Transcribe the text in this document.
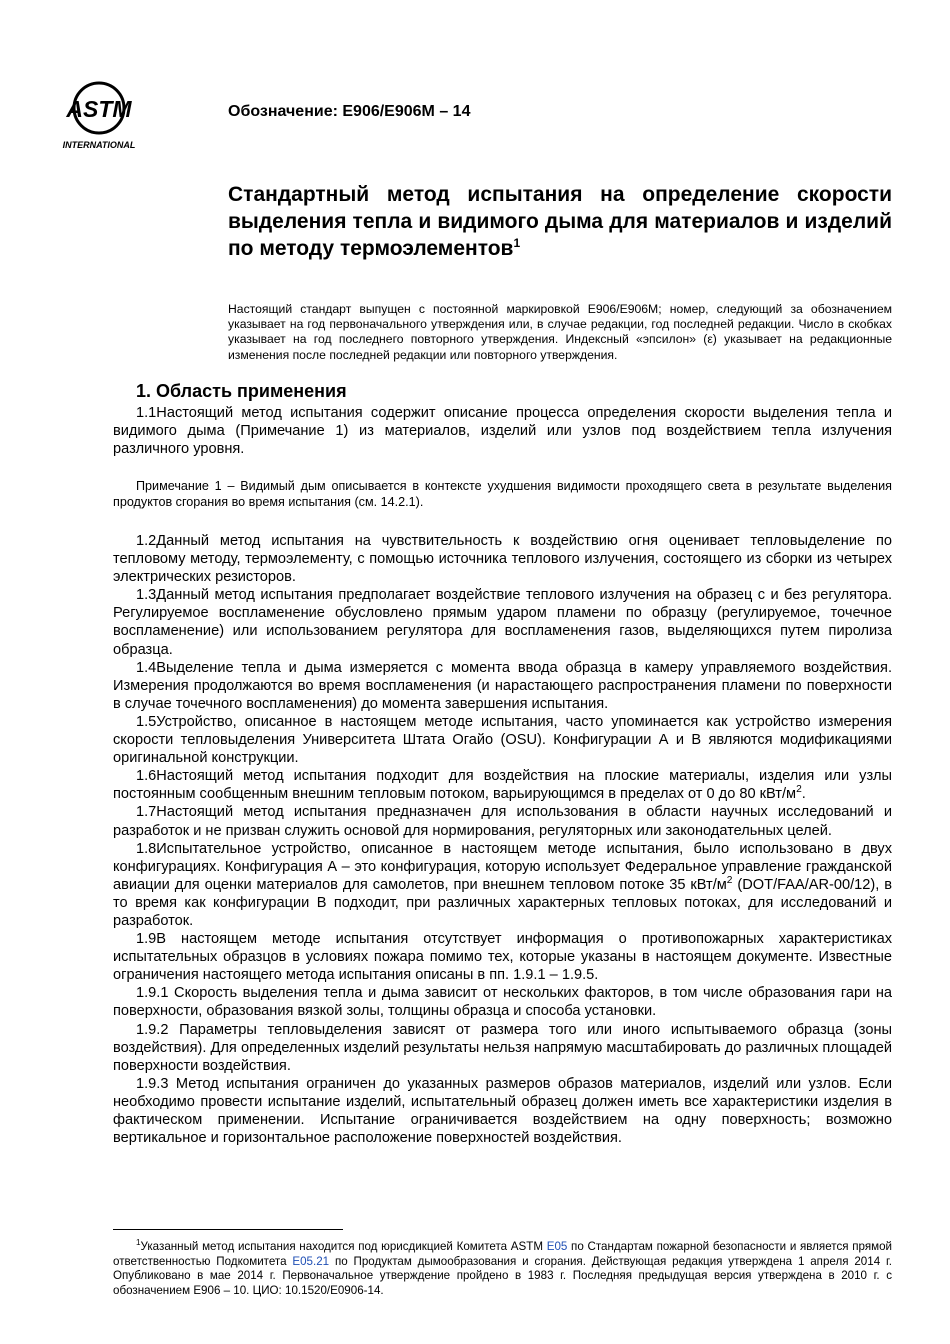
ASTM
INTERNATIONAL
Обозначение: E906/E906M – 14
Стандартный метод испытания на определение скорости выделения тепла и видимого дыма для материалов и изделий по методу термоэлементов$^1$
Настоящий стандарт выпущен с постоянной маркировкой E906/E906M; номер, следующий за обозначением указывает на год первоначального утверждения или, в случае редакции, год последней редакции. Число в скобках указывает на год последнего повторного утверждения. Индексный «эпсилон» (ε) указывает на редакционные изменения после последней редакции или повторного утверждения.
1. Область применения

1.1Настоящий метод испытания содержит описание процесса определения скорости выделения тепла и видимого дыма (Примечание 1) из материалов, изделий или узлов под воздействием тепла излучения различного уровня.

Примечание 1 – Видимый дым описывается в контексте ухудшения видимости проходящего света в результате выделения продуктов сгорания во время испытания (см. 14.2.1).

1.2Данный метод испытания на чувствительность к воздействию огня оценивает тепловыделение по тепловому методу, термоэлементу, с помощью источника теплового излучения, состоящего из сборки из четырех электрических резисторов.

1.3Данный метод испытания предполагает воздействие теплового излучения на образец с и без регулятора. Регулируемое воспламенение обусловлено прямым ударом пламени по образцу (регулируемое, точечное воспламенение) или использованием регулятора для воспламенения газов, выделяющихся путем пиролиза образца.

1.4Выделение тепла и дыма измеряется с момента ввода образца в камеру управляемого воздействия. Измерения продолжаются во время воспламенения (и нарастающего распространения пламени по поверхности в случае точечного воспламенения) до момента завершения испытания.

1.5Устройство, описанное в настоящем методе испытания, часто упоминается как устройство измерения скорости тепловыделения Университета Штата Огайо (OSU). Конфигурации А и В являются модификациями оригинальной конструкции.

1.6Настоящий метод испытания подходит для воздействия на плоские материалы, изделия или узлы постоянным сообщенным внешним тепловым потоком, варьирующимся в пределах от 0 до 80 кВт/$м^2$.

1.7Настоящий метод испытания предназначен для использования в области научных исследований и разработок и не призван служить основой для нормирования, регуляторных или законодательных целей.

1.8Испытательное устройство, описанное в настоящем методе испытания, было использовано в двух конфигурациях. Конфигурация А – это конфигурация, которую использует Федеральное управление гражданской авиации для оценки материалов для самолетов, при внешнем тепловом потоке 35 кВт/$м^2$ (DOT/FAA/AR-00/12), в то время как конфигурации В подходит, при различных характерных тепловых потоках, для исследований и разработок.

1.9В настоящем методе испытания отсутствует информация о противопожарных характеристиках испытательных образцов в условиях пожара помимо тех, которые указаны в настоящем документе. Известные ограничения настоящего метода испытания описаны в пп. 1.9.1 – 1.9.5.

1.9.1 Скорость выделения тепла и дыма зависит от нескольких факторов, в том числе образования гари на поверхности, образования вязкой золы, толщины образца и способа установки.

1.9.2 Параметры тепловыделения зависят от размера того или иного испытываемого образца (зоны воздействия). Для определенных изделий результаты нельзя напрямую масштабировать до различных площадей поверхности воздействия.

1.9.3 Метод испытания ограничен до указанных размеров образов материалов, изделий или узлов. Если необходимо провести испытание изделий, испытательный образец должен иметь все характеристики изделия в фактическом применении. Испытание ограничивается воздействием на одну поверхность; возможно вертикальное и горизонтальное расположение поверхностей воздействия.

$^1$Указанный метод испытания находится под юрисдикцией Комитета ASTM E05 по Стандартам пожарной безопасности и является прямой ответственностью Подкомитета E05.21 по Продуктам дымообразования и сгорания. Действующая редакция утверждена 1 апреля 2014 г. Опубликовано в мае 2014 г. Первоначальное утверждение пройдено в 1983 г. Последняя предыдущая версия утверждена в 2010 г. с обозначением E906 – 10. ЦИО: 10.1520/E0906-14.
